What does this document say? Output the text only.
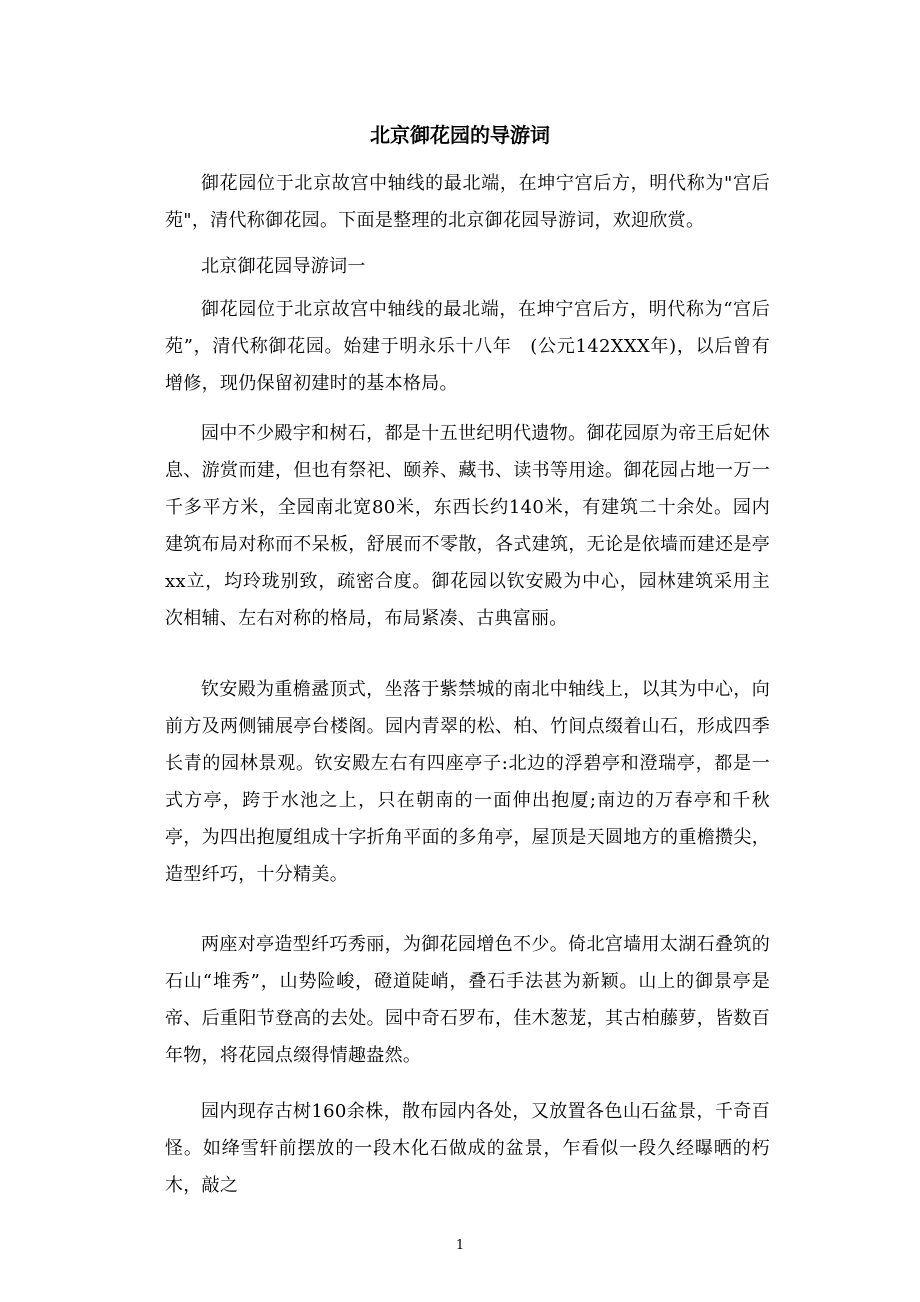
北京御花园的导游词

御花园位于北京故宫中轴线的最北端，在坤宁宫后方，明代称为"宫后苑"，清代称御花园。下面是整理的北京御花园导游词，欢迎欣赏。

北京御花园导游词一

御花园位于北京故宫中轴线的最北端，在坤宁宫后方，明代称为“宫后苑”，清代称御花园。始建于明永乐十八年　(公元142XXX年)，以后曾有增修，现仍保留初建时的基本格局。

园中不少殿宇和树石，都是十五世纪明代遗物。御花园原为帝王后妃休息、游赏而建，但也有祭祀、颐养、藏书、读书等用途。御花园占地一万一千多平方米，全园南北宽80米，东西长约140米，有建筑二十余处。园内建筑布局对称而不呆板，舒展而不零散，各式建筑，无论是依墙而建还是亭xx立，均玲珑别致，疏密合度。御花园以钦安殿为中心，园林建筑采用主次相辅、左右对称的格局，布局紧凑、古典富丽。

钦安殿为重檐盝顶式，坐落于紫禁城的南北中轴线上，以其为中心，向前方及两侧铺展亭台楼阁。园内青翠的松、柏、竹间点缀着山石，形成四季长青的园林景观。钦安殿左右有四座亭子:北边的浮碧亭和澄瑞亭，都是一式方亭，跨于水池之上，只在朝南的一面伸出抱厦;南边的万春亭和千秋亭，为四出抱厦组成十字折角平面的多角亭，屋顶是天圆地方的重檐攒尖，造型纤巧，十分精美。

两座对亭造型纤巧秀丽，为御花园增色不少。倚北宫墙用太湖石叠筑的石山“堆秀”，山势险峻，磴道陡峭，叠石手法甚为新颖。山上的御景亭是帝、后重阳节登高的去处。园中奇石罗布，佳木葱茏，其古柏藤萝，皆数百年物，将花园点缀得情趣盎然。

园内现存古树160余株，散布园内各处，又放置各色山石盆景，千奇百怪。如绛雪轩前摆放的一段木化石做成的盆景，乍看似一段久经曝晒的朽木，敲之

1
